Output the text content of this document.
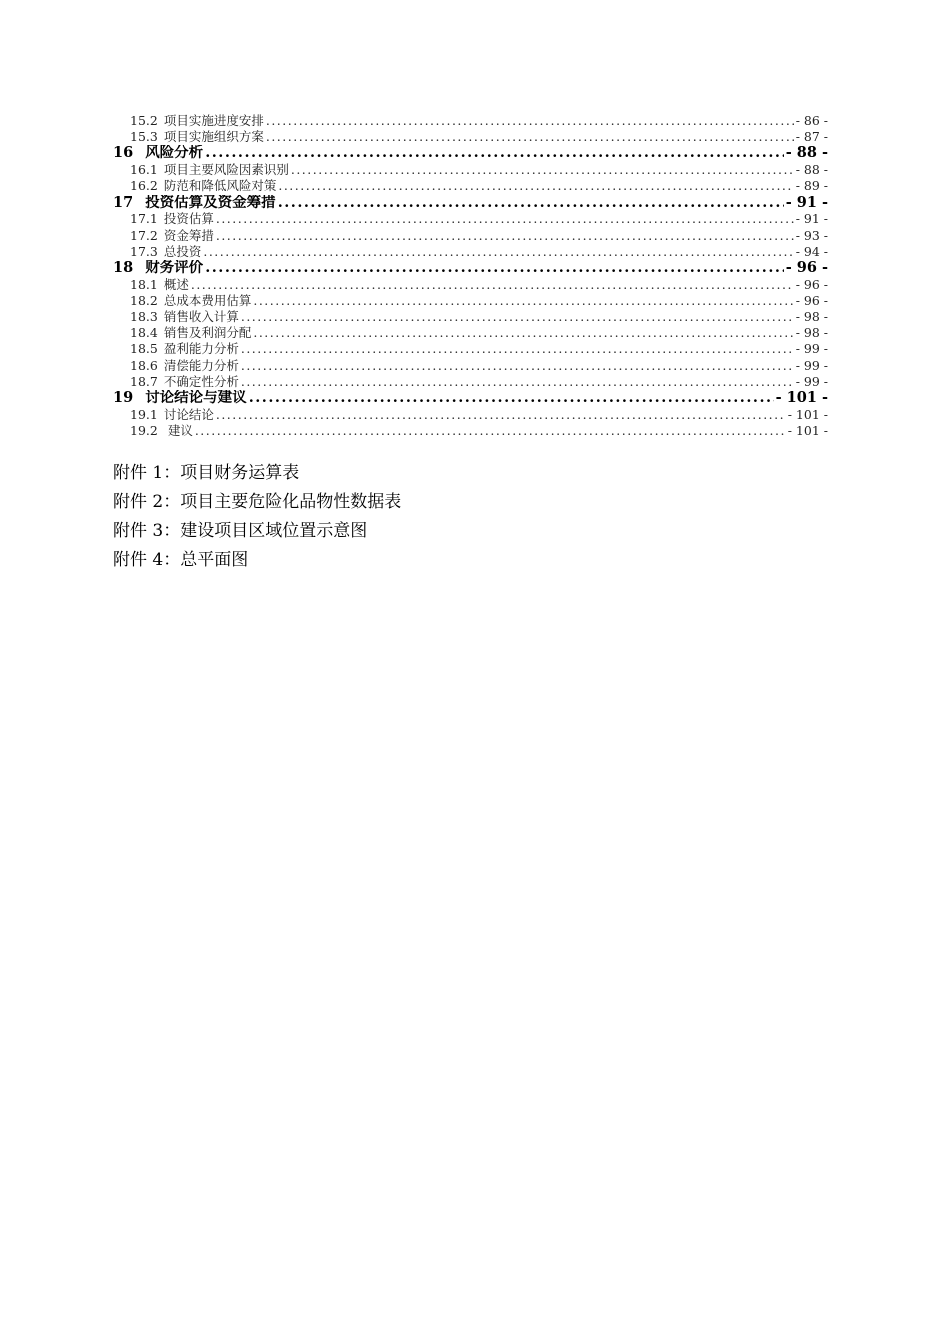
15.2 项目实施进度安排 .....	- 86 -
15.3 项目实施组织方案 .....	- 87 -
16 风险分析 .....	- 88 -
16.1 项目主要风险因素识别 .....	- 88 -
16.2 防范和降低风险对策 .....	- 89 -
17 投资估算及资金筹措 .....	- 91 -
17.1 投资估算 .....	- 91 -
17.2 资金筹措 .....	- 93 -
17.3 总投资 .....	- 94 -
18 财务评价 .....	- 96 -
18.1 概述 .....	- 96 -
18.2 总成本费用估算 .....	- 96 -
18.3 销售收入计算 .....	- 98 -
18.4 销售及利润分配 .....	- 98 -
18.5 盈利能力分析 .....	- 99 -
18.6 清偿能力分析 .....	- 99 -
18.7 不确定性分析 .....	- 99 -
19 讨论结论与建议 .....	- 101 -
19.1 讨论结论 .....	- 101 -
19.2 建议 .....	- 101 -
附件 1：项目财务运算表
附件 2：项目主要危险化品物性数据表
附件 3：建设项目区域位置示意图
附件 4：总平面图
